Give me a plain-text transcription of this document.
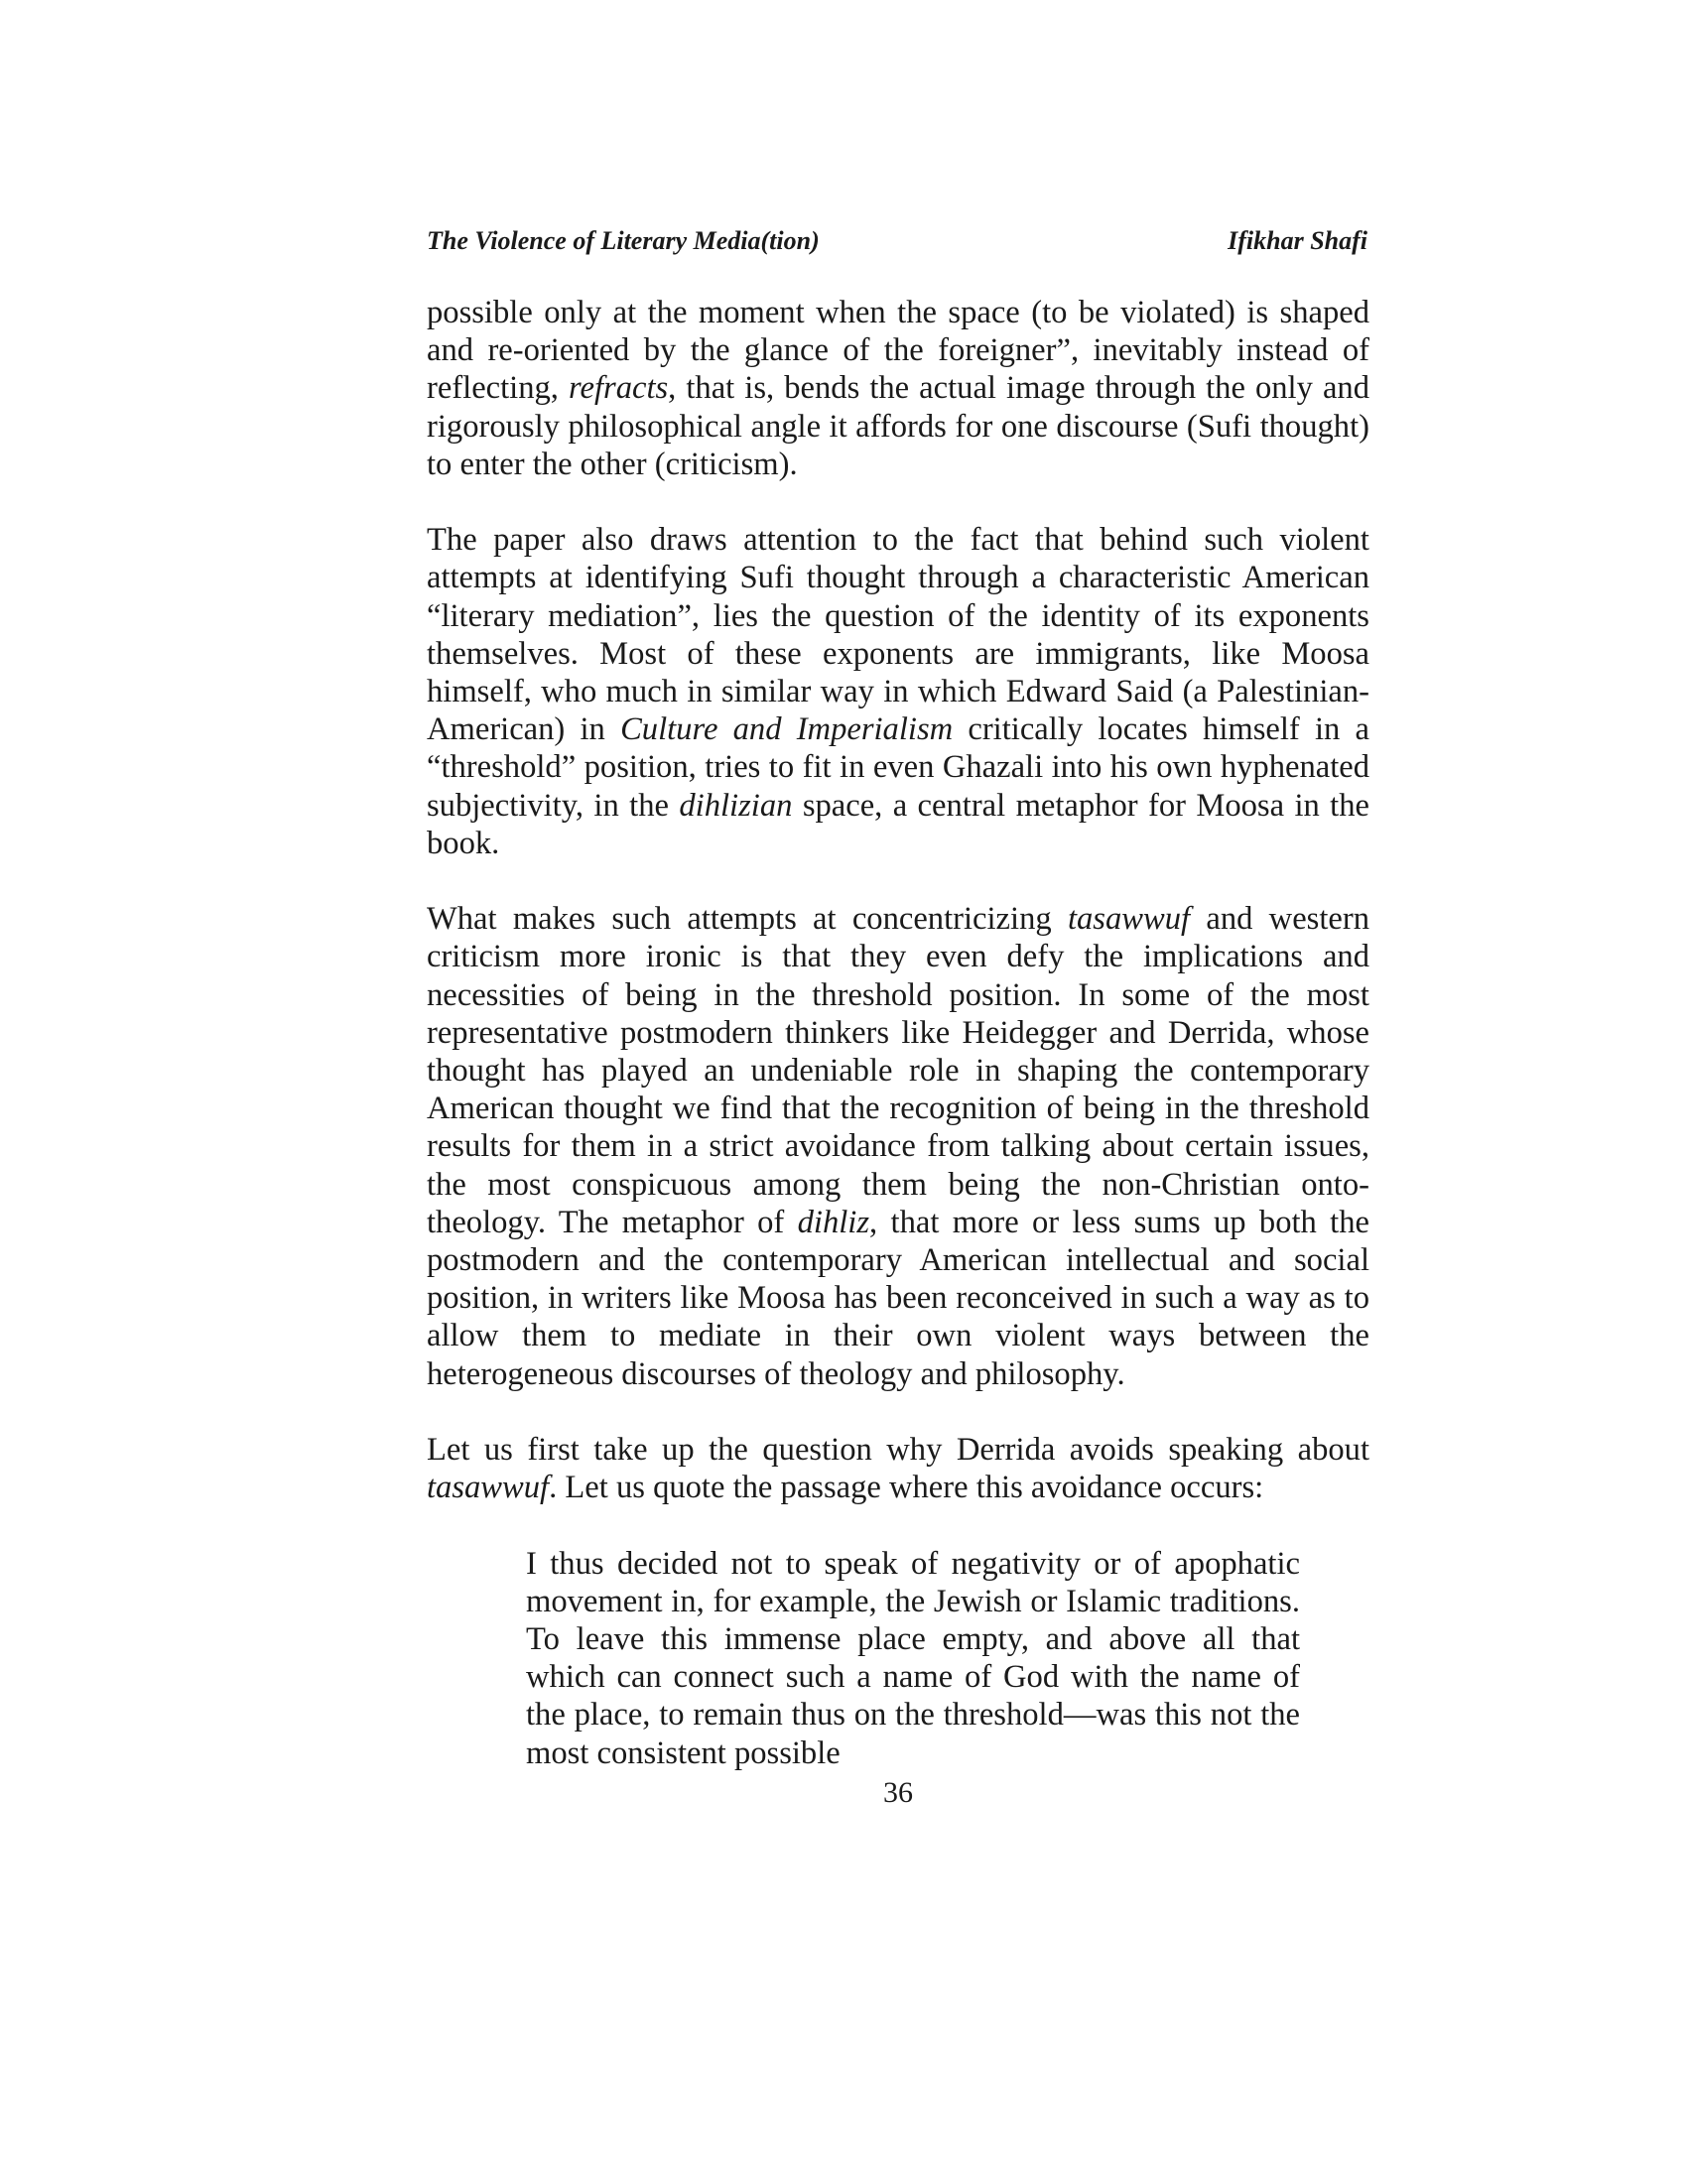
The Violence of Literary Media(tion)	Ifikhar Shafi

possible only at the moment when the space (to be violated) is shaped and re-oriented by the glance of the foreigner”, inevitably instead of reflecting, refracts, that is, bends the actual image through the only and rigorously philosophical angle it affords for one discourse (Sufi thought) to enter the other (criticism).

The paper also draws attention to the fact that behind such violent attempts at identifying Sufi thought through a characteristic American “literary mediation”, lies the question of the identity of its exponents themselves. Most of these exponents are immigrants, like Moosa himself, who much in similar way in which Edward Said (a Palestinian-American) in Culture and Imperialism critically locates himself in a “threshold” position, tries to fit in even Ghazali into his own hyphenated subjectivity, in the dihlizian space, a central metaphor for Moosa in the book.

What makes such attempts at concentricizing tasawwuf and western criticism more ironic is that they even defy the implications and necessities of being in the threshold position. In some of the most representative postmodern thinkers like Heidegger and Derrida, whose thought has played an undeniable role in shaping the contemporary American thought we find that the recognition of being in the threshold results for them in a strict avoidance from talking about certain issues, the most conspicuous among them being the non-Christian onto-theology. The metaphor of dihliz, that more or less sums up both the postmodern and the contemporary American intellectual and social position, in writers like Moosa has been reconceived in such a way as to allow them to mediate in their own violent ways between the heterogeneous discourses of theology and philosophy.

Let us first take up the question why Derrida avoids speaking about tasawwuf. Let us quote the passage where this avoidance occurs:

I thus decided not to speak of negativity or of apophatic movement in, for example, the Jewish or Islamic traditions. To leave this immense place empty, and above all that which can connect such a name of God with the name of the place, to remain thus on the threshold—was this not the most consistent possible

36
